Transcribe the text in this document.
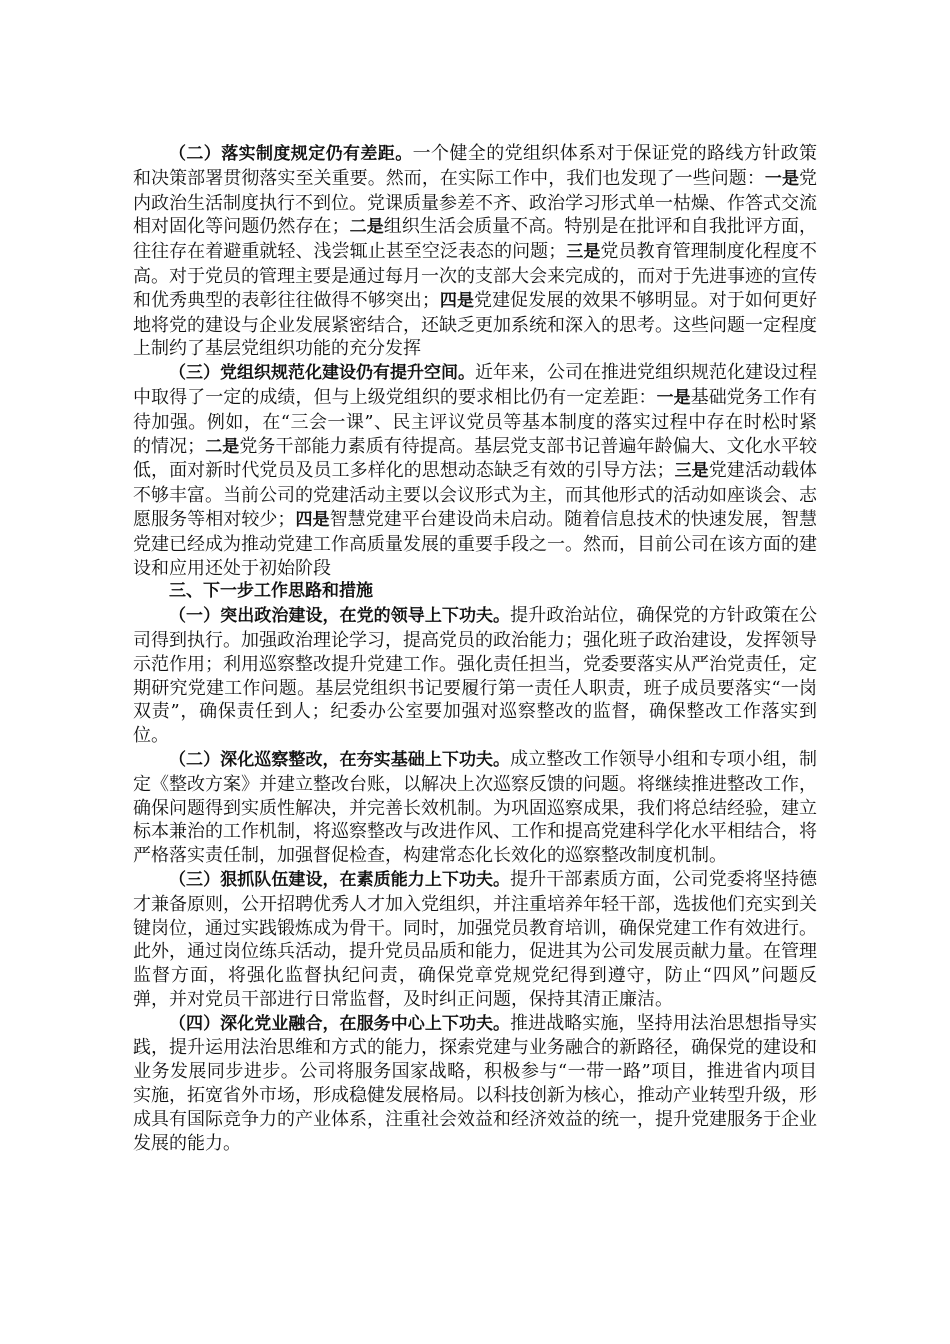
（二）落实制度规定仍有差距。一个健全的党组织体系对于保证党的路线方针政策和决策部署贯彻落实至关重要。然而，在实际工作中，我们也发现了一些问题：一是党内政治生活制度执行不到位。党课质量参差不齐、政治学习形式单一枯燥、作答式交流相对固化等问题仍然存在；二是组织生活会质量不高。特别是在批评和自我批评方面，往往存在着避重就轻、浅尝辄止甚至空泛表态的问题；三是党员教育管理制度化程度不高。对于党员的管理主要是通过每月一次的支部大会来完成的，而对于先进事迹的宣传和优秀典型的表彰往往做得不够突出；四是党建促发展的效果不够明显。对于如何更好地将党的建设与企业发展紧密结合，还缺乏更加系统和深入的思考。这些问题一定程度上制约了基层党组织功能的充分发挥

（三）党组织规范化建设仍有提升空间。近年来，公司在推进党组织规范化建设过程中取得了一定的成绩，但与上级党组织的要求相比仍有一定差距：一是基础党务工作有待加强。例如，在“三会一课”、民主评议党员等基本制度的落实过程中存在时松时紧的情况；二是党务干部能力素质有待提高。基层党支部书记普遍年龄偏大、文化水平较低，面对新时代党员及员工多样化的思想动态缺乏有效的引导方法；三是党建活动载体不够丰富。当前公司的党建活动主要以会议形式为主，而其他形式的活动如座谈会、志愿服务等相对较少；四是智慧党建平台建设尚未启动。随着信息技术的快速发展，智慧党建已经成为推动党建工作高质量发展的重要手段之一。然而，目前公司在该方面的建设和应用还处于初始阶段

三、下一步工作思路和措施

（一）突出政治建设，在党的领导上下功夫。提升政治站位，确保党的方针政策在公司得到执行。加强政治理论学习，提高党员的政治能力；强化班子政治建设，发挥领导示范作用；利用巡察整改提升党建工作。强化责任担当，党委要落实从严治党责任，定期研究党建工作问题。基层党组织书记要履行第一责任人职责，班子成员要落实“一岗双责”，确保责任到人；纪委办公室要加强对巡察整改的监督，确保整改工作落实到位。

（二）深化巡察整改，在夯实基础上下功夫。成立整改工作领导小组和专项小组，制定《整改方案》并建立整改台账，以解决上次巡察反馈的问题。将继续推进整改工作，确保问题得到实质性解决，并完善长效机制。为巩固巡察成果，我们将总结经验，建立标本兼治的工作机制，将巡察整改与改进作风、工作和提高党建科学化水平相结合，将严格落实责任制，加强督促检查，构建常态化长效化的巡察整改制度机制。

（三）狠抓队伍建设，在素质能力上下功夫。提升干部素质方面，公司党委将坚持德才兼备原则，公开招聘优秀人才加入党组织，并注重培养年轻干部，选拔他们充实到关键岗位，通过实践锻炼成为骨干。同时，加强党员教育培训，确保党建工作有效进行。此外，通过岗位练兵活动，提升党员品质和能力，促进其为公司发展贡献力量。在管理监督方面，将强化监督执纪问责，确保党章党规党纪得到遵守，防止“四风”问题反弹，并对党员干部进行日常监督，及时纠正问题，保持其清正廉洁。

（四）深化党业融合，在服务中心上下功夫。推进战略实施，坚持用法治思想指导实践，提升运用法治思维和方式的能力，探索党建与业务融合的新路径，确保党的建设和业务发展同步进步。公司将服务国家战略，积极参与“一带一路”项目，推进省内项目实施，拓宽省外市场，形成稳健发展格局。以科技创新为核心，推动产业转型升级，形成具有国际竞争力的产业体系，注重社会效益和经济效益的统一，提升党建服务于企业发展的能力。
